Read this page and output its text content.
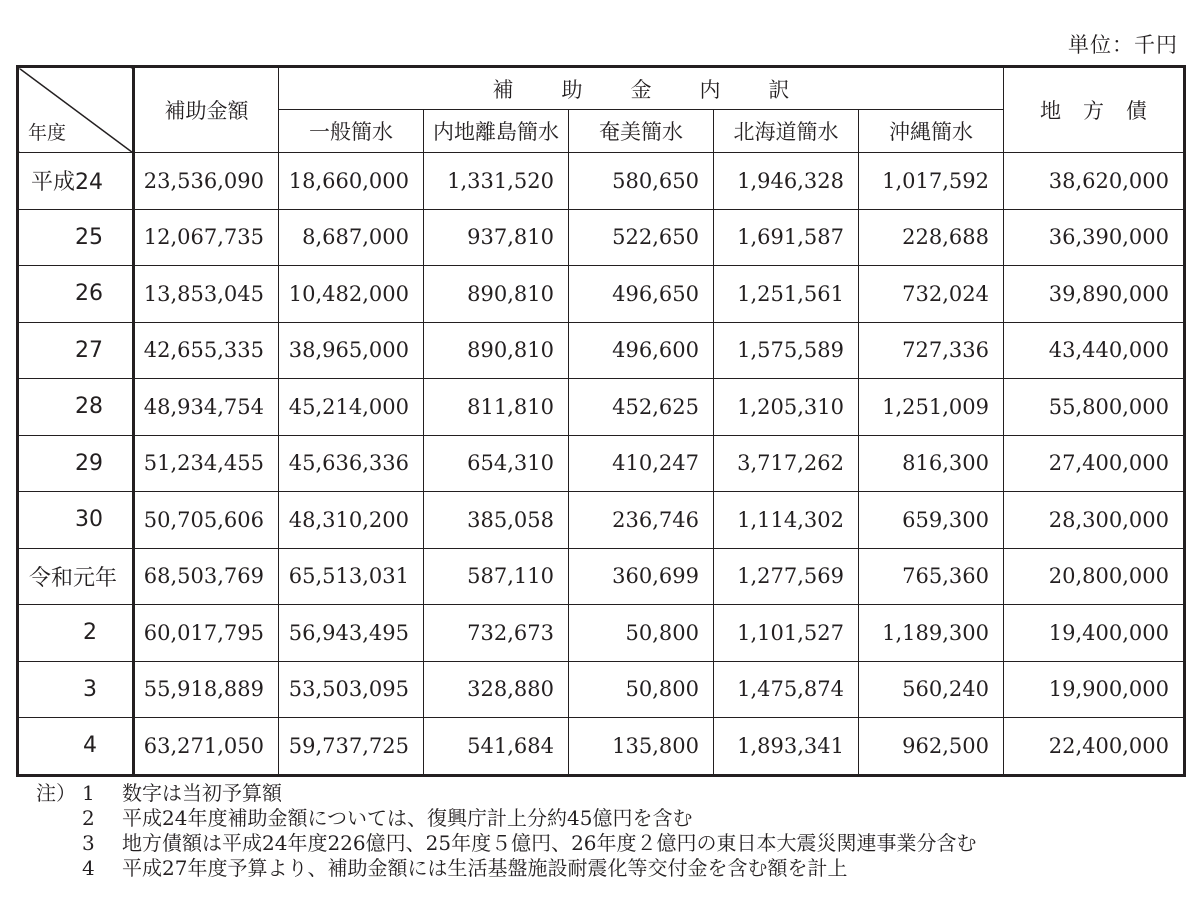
単位：千円
年度	補助金額	補助金内訳					地方債
		一般簡水	内地離島簡水	奄美簡水	北海道簡水	沖縄簡水	
平成24	23,536,090	18,660,000	1,331,520	580,650	1,946,328	1,017,592	38,620,000
25	12,067,735	8,687,000	937,810	522,650	1,691,587	228,688	36,390,000
26	13,853,045	10,482,000	890,810	496,650	1,251,561	732,024	39,890,000
27	42,655,335	38,965,000	890,810	496,600	1,575,589	727,336	43,440,000
28	48,934,754	45,214,000	811,810	452,625	1,205,310	1,251,009	55,800,000
29	51,234,455	45,636,336	654,310	410,247	3,717,262	816,300	27,400,000
30	50,705,606	48,310,200	385,058	236,746	1,114,302	659,300	28,300,000
令和元年	68,503,769	65,513,031	587,110	360,699	1,277,569	765,360	20,800,000
2	60,017,795	56,943,495	732,673	50,800	1,101,527	1,189,300	19,400,000
3	55,918,889	53,503,095	328,880	50,800	1,475,874	560,240	19,900,000
4	63,271,050	59,737,725	541,684	135,800	1,893,341	962,500	22,400,000
注） 1 数字は当初予算額
2 平成24年度補助金額については、復興庁計上分約45億円を含む
3 地方債額は平成24年度226億円、25年度５億円、26年度２億円の東日本大震災関連事業分含む
4 平成27年度予算より、補助金額には生活基盤施設耐震化等交付金を含む額を計上
